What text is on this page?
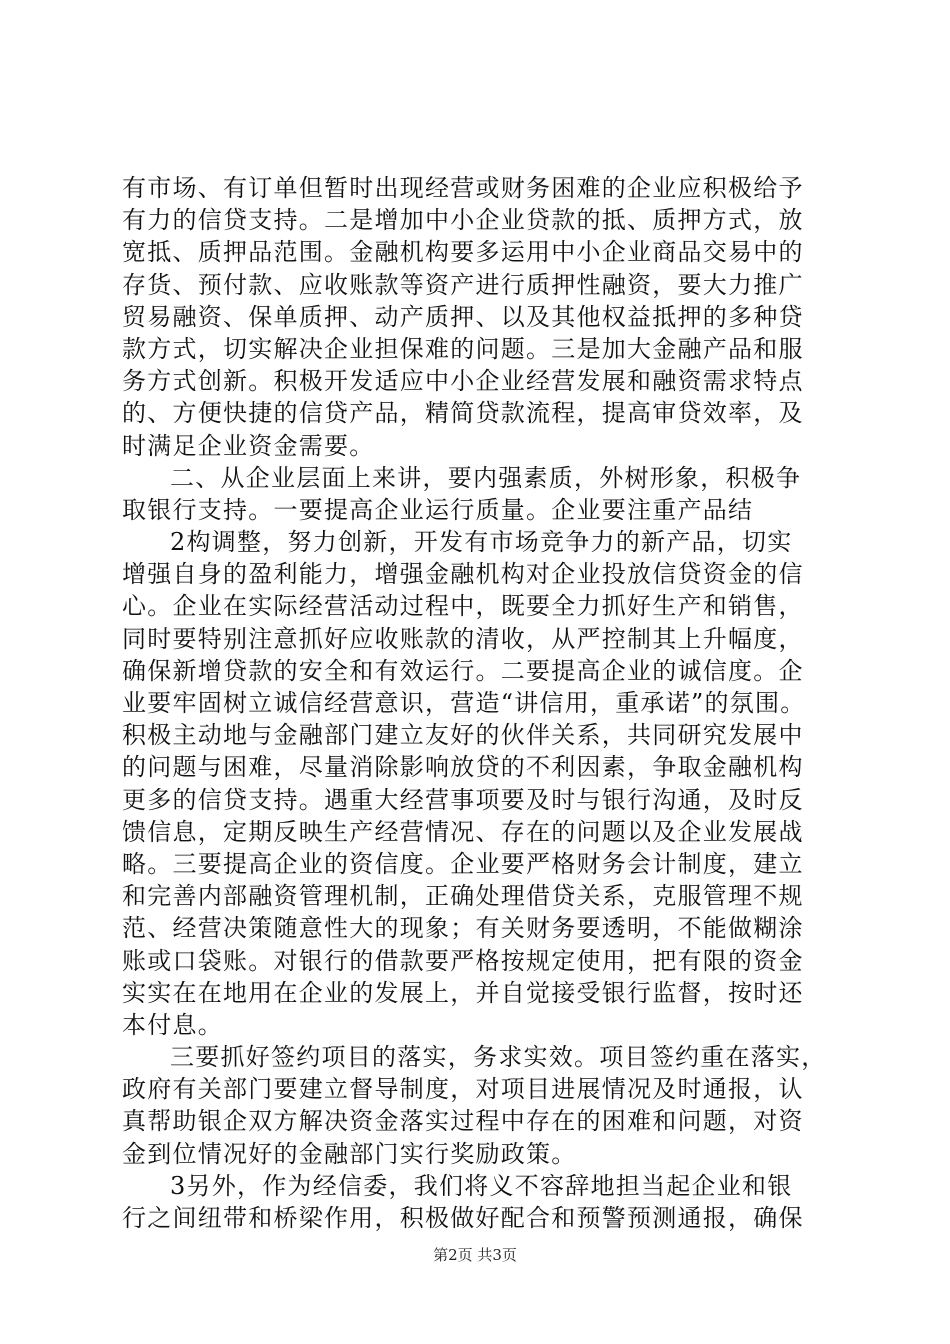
有市场、有订单但暂时出现经营或财务困难的企业应积极给予
有力的信贷支持。二是增加中小企业贷款的抵、质押方式，放
宽抵、质押品范围。金融机构要多运用中小企业商品交易中的
存货、预付款、应收账款等资产进行质押性融资，要大力推广
贸易融资、保单质押、动产质押、以及其他权益抵押的多种贷
款方式，切实解决企业担保难的问题。三是加大金融产品和服
务方式创新。积极开发适应中小企业经营发展和融资需求特点
的、方便快捷的信贷产品，精简贷款流程，提高审贷效率，及
时满足企业资金需要。
二、从企业层面上来讲，要内强素质，外树形象，积极争
取银行支持。一要提高企业运行质量。企业要注重产品结
2构调整，努力创新，开发有市场竞争力的新产品，切实
增强自身的盈利能力，增强金融机构对企业投放信贷资金的信
心。企业在实际经营活动过程中，既要全力抓好生产和销售，
同时要特别注意抓好应收账款的清收，从严控制其上升幅度，
确保新增贷款的安全和有效运行。二要提高企业的诚信度。企
业要牢固树立诚信经营意识，营造“讲信用，重承诺”的氛围。
积极主动地与金融部门建立友好的伙伴关系，共同研究发展中
的问题与困难，尽量消除影响放贷的不利因素，争取金融机构
更多的信贷支持。遇重大经营事项要及时与银行沟通，及时反
馈信息，定期反映生产经营情况、存在的问题以及企业发展战
略。三要提高企业的资信度。企业要严格财务会计制度，建立
和完善内部融资管理机制，正确处理借贷关系，克服管理不规
范、经营决策随意性大的现象；有关财务要透明，不能做糊涂
账或口袋账。对银行的借款要严格按规定使用，把有限的资金
实实在在地用在企业的发展上，并自觉接受银行监督，按时还
本付息。
三要抓好签约项目的落实，务求实效。项目签约重在落实，
政府有关部门要建立督导制度，对项目进展情况及时通报，认
真帮助银企双方解决资金落实过程中存在的困难和问题，对资
金到位情况好的金融部门实行奖励政策。
3另外，作为经信委，我们将义不容辞地担当起企业和银
行之间纽带和桥梁作用，积极做好配合和预警预测通报，确保
第2页 共3页
